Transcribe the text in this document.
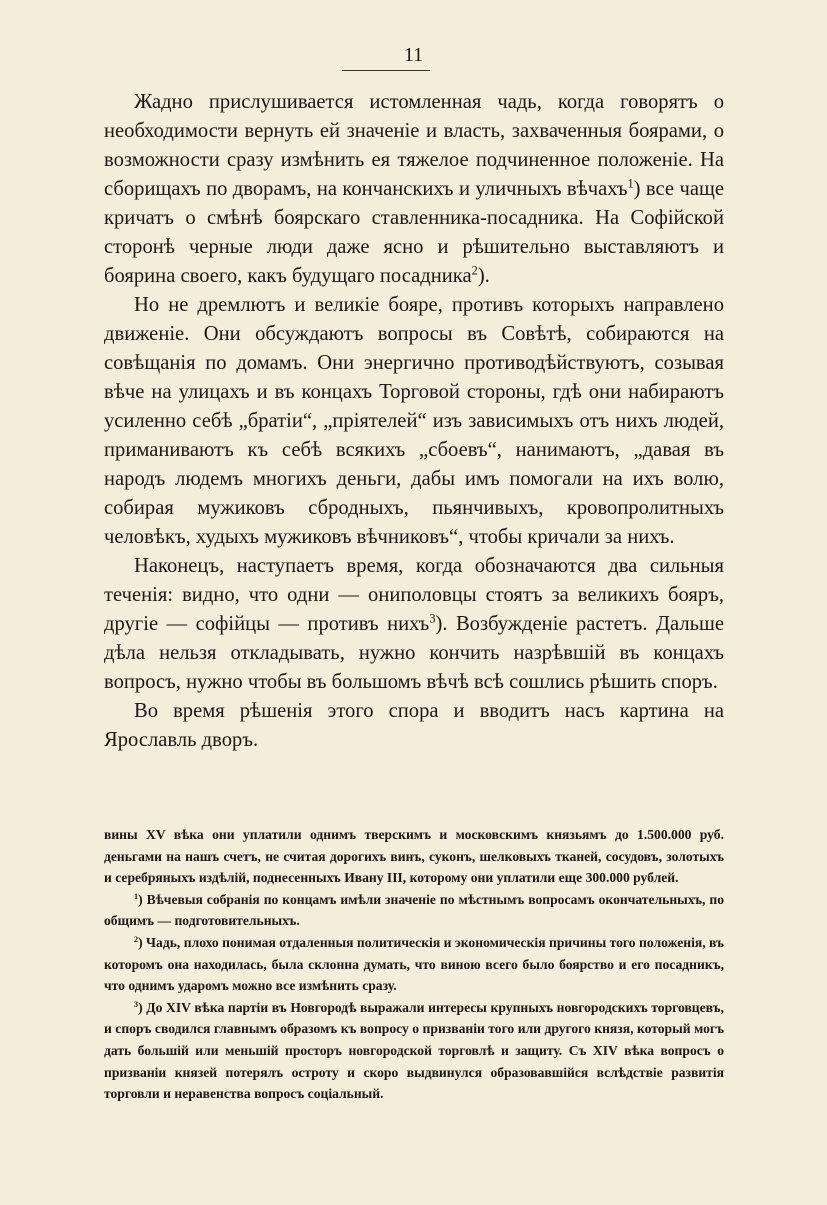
11

Жадно прислушивается истомленная чадь, когда говорятъ о необходимости вернуть ей значенiе и власть, захваченныя боярами, о возможности сразу измѣнить ея тяжелое подчиненное положенiе. На сборищахъ по дворамъ, на кончанскихъ и уличныхъ вѣчахъ$^1$) все чаще кричатъ о смѣнѣ боярскаго ставленника-посадника. На Софiйской сторонѣ черные люди даже ясно и рѣшительно выставляютъ и боярина своего, какъ будущаго посадника$^2$).

Но не дремлютъ и великiе бояре, противъ которыхъ направлено движенiе. Они обсуждаютъ вопросы въ Совѣтѣ, собираются на совѣщанiя по домамъ. Они энергично противодѣйствуютъ, созывая вѣче на улицахъ и въ концахъ Торговой стороны, гдѣ они набираютъ усиленно себѣ „братiи“, „прiятелей“ изъ зависимыхъ отъ нихъ людей, приманиваютъ къ себѣ всякихъ „сбоевъ“, нанимаютъ, „давая въ народъ людемъ многихъ деньги, дабы имъ помогали на ихъ волю, собирая мужиковъ сбродныхъ, пьянчивыхъ, кровопролитныхъ человѣкъ, худыхъ мужиковъ вѣчниковъ“, чтобы кричали за нихъ.

Наконецъ, наступаетъ время, когда обозначаются два сильныя теченiя: видно, что одни — ониполовцы стоятъ за великихъ бояръ, другiе — софiйцы — противъ нихъ$^3$). Возбужденiе растетъ. Дальше дѣла нельзя откладывать, нужно кончить назрѣвшiй въ концахъ вопросъ, нужно чтобы въ большомъ вѣчѣ всѣ сошлись рѣшить споръ.

Во время рѣшенiя этого спора и вводитъ насъ картина на Ярославль дворъ.

вины XV вѣка они уплатили однимъ тверскимъ и московскимъ князьямъ до 1.500.000 руб. деньгами на нашъ счетъ, не считая дорогихъ винъ, суконъ, шелковыхъ тканей, сосудовъ, золотыхъ и серебряныхъ издѣлiй, поднесенныхъ Ивану III, которому они уплатили еще 300.000 рублей.

$^1$) Вѣчевыя собранiя по концамъ имѣли значенiе по мѣстнымъ вопросамъ окончательныхъ, по общимъ — подготовительныхъ.

$^2$) Чадь, плохо понимая отдаленныя политическiя и экономическiя причины того положенiя, въ которомъ она находилась, была склонна думать, что виною всего было боярство и его посадникъ, что однимъ ударомъ можно все измѣнить сразу.

$^3$) До XIV вѣка партiи въ Новгородѣ выражали интересы крупныхъ новгородскихъ торговцевъ, и споръ сводился главнымъ образомъ къ вопросу о призванiи того или другого князя, который могъ дать большiй или меньшiй просторъ новгородской торговлѣ и защиту. Съ XIV вѣка вопросъ о призванiи князей потерялъ остроту и скоро выдвинулся образовавшiйся вслѣдствiе развитiя торговли и неравенства вопросъ соцiальный.
